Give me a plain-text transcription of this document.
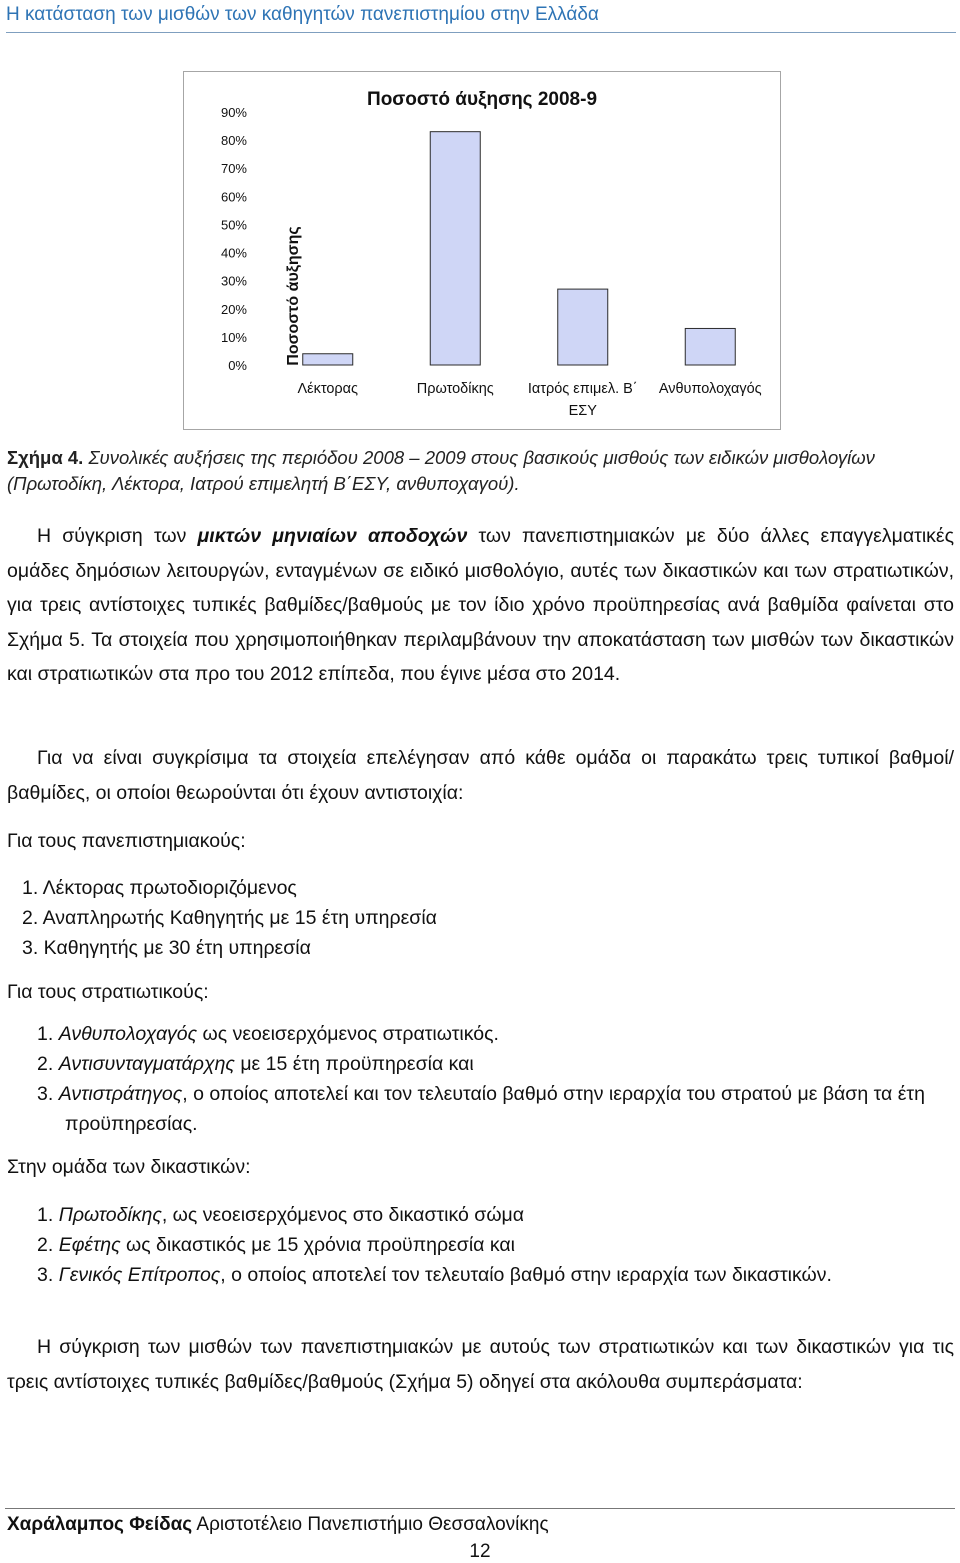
Η κατάσταση των μισθών των καθηγητών πανεπιστημίου στην Ελλάδα
Ποσοστό άυξησης
Ποσοστό άυξησης 2008-9
0%
10%
20%
30%
40%
50%
60%
70%
80%
90%
Λέκτορας	Πρωτοδίκης Ιατρός επιμελ. Β΄
ΕΣΥ
Ανθυπολοχαγός
Σχήμα 4. Συνολικές αυξήσεις της περιόδου 2008 – 2009 στους βασικούς μισθούς των ειδικών μισθολογίων (Πρωτοδίκη, Λέκτορα, Ιατρού επιμελητή Β΄ΕΣΥ, ανθυποχαγού).

Η σύγκριση των μικτών μηνιαίων αποδοχών των πανεπιστημιακών με δύο άλλες επαγγελματικές ομάδες δημόσιων λειτουργών, ενταγμένων σε ειδικό μισθολόγιο, αυτές των δικαστικών και των στρατιωτικών, για τρεις αντίστοιχες τυπικές βαθμίδες/βαθμούς με τον ίδιο χρόνο προϋπηρεσίας ανά βαθμίδα φαίνεται στο Σχήμα 5. Τα στοιχεία που χρησιμοποιήθηκαν περιλαμβάνουν την αποκατάσταση των μισθών των δικαστικών και στρατιωτικών στα προ του 2012 επίπεδα, που έγινε μέσα στο 2014.

Για να είναι συγκρίσιμα τα στοιχεία επελέγησαν από κάθε ομάδα οι παρακάτω τρεις τυπικοί βαθμοί/βαθμίδες, οι οποίοι θεωρούνται ότι έχουν αντιστοιχία:

Για τους πανεπιστημιακούς:

1. Λέκτορας πρωτοδιοριζόμενος

2. Αναπληρωτής Καθηγητής με 15 έτη υπηρεσία

3. Καθηγητής με 30 έτη υπηρεσία

Για τους στρατιωτικούς:

1. Ανθυπολοχαγός ως νεοεισερχόμενος στρατιωτικός.

2. Αντισυνταγματάρχης με 15 έτη προϋπηρεσία και

3. Αντιστράτηγος, ο οποίος αποτελεί και τον τελευταίο βαθμό στην ιεραρχία του στρατού με βάση τα έτη προϋπηρεσίας.

Στην ομάδα των δικαστικών:

1. Πρωτοδίκης, ως νεοεισερχόμενος στο δικαστικό σώμα

2. Εφέτης ως δικαστικός με 15 χρόνια προϋπηρεσία και

3. Γενικός Επίτροπος, ο οποίος αποτελεί τον τελευταίο βαθμό στην ιεραρχία των δικαστικών.

Η σύγκριση των μισθών των πανεπιστημιακών με αυτούς των στρατιωτικών και των δικαστικών για τις τρεις αντίστοιχες τυπικές βαθμίδες/βαθμούς (Σχήμα 5) οδηγεί στα ακόλουθα συμπεράσματα:

Χαράλαμπος Φείδας Αριστοτέλειο Πανεπιστήμιο Θεσσαλονίκης
12
